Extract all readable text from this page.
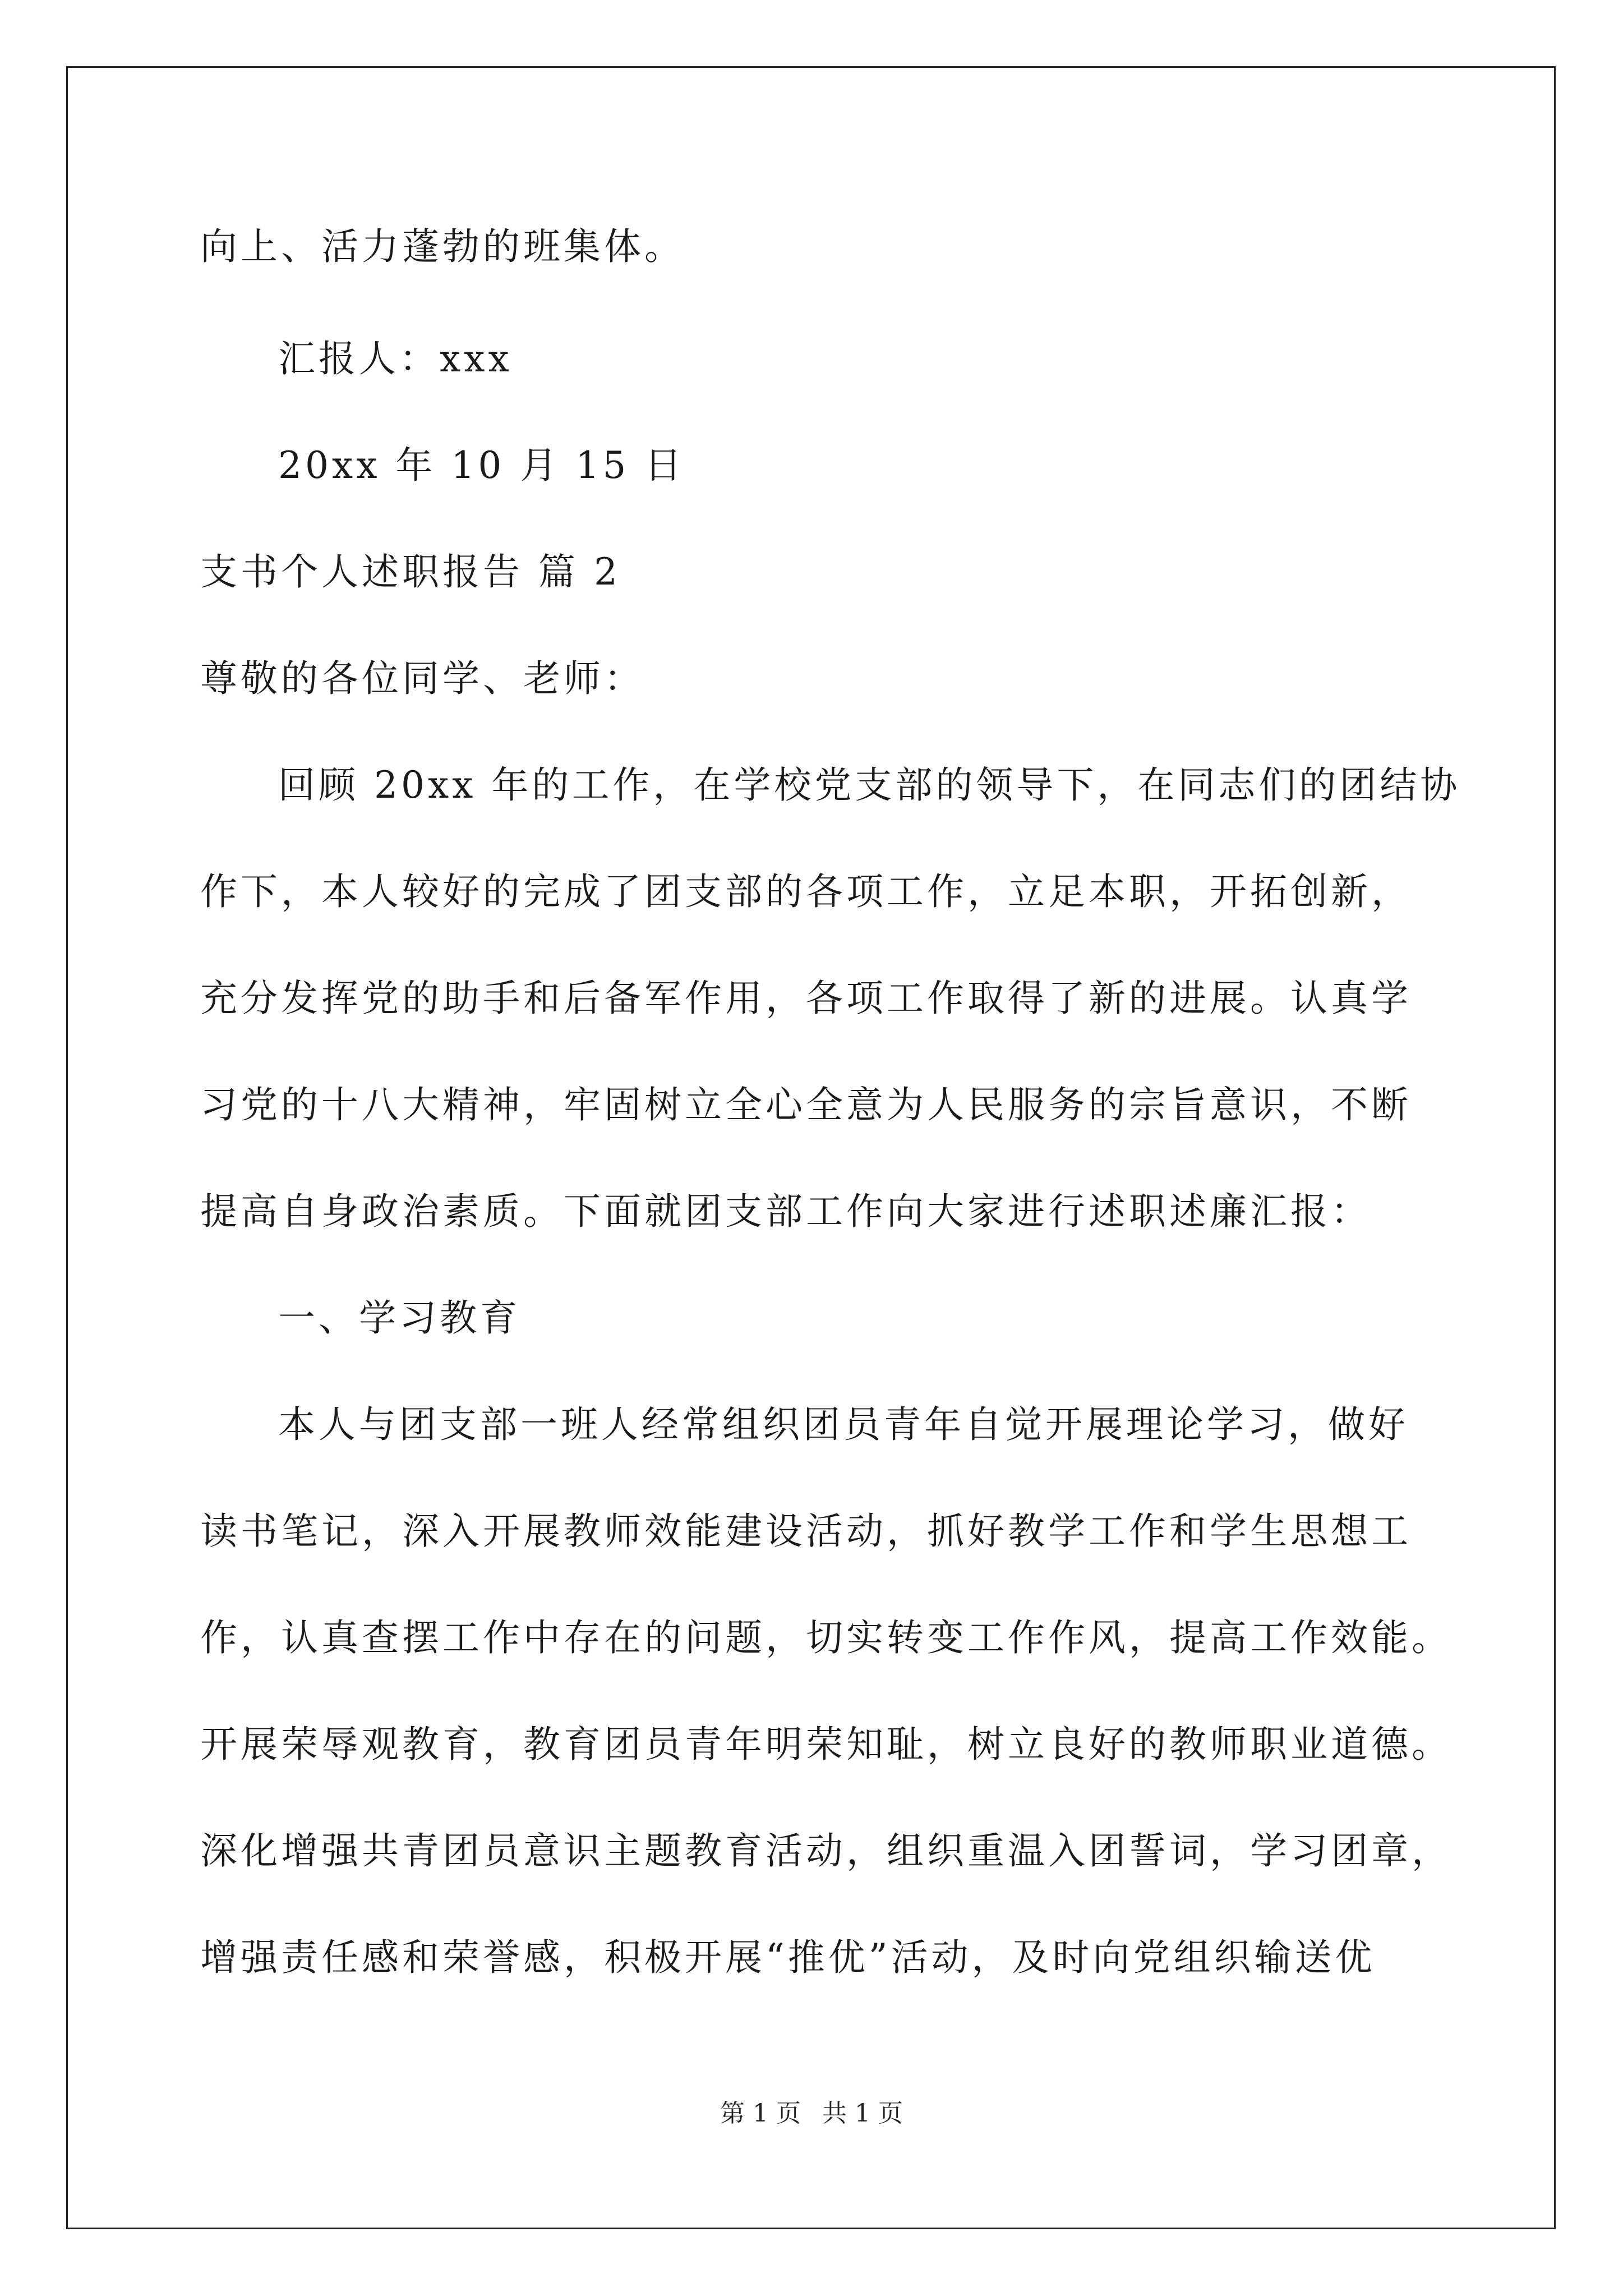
向上、活力蓬勃的班集体。
汇报人：xxx
20xx 年 10 月 15 日
支书个人述职报告 篇 2
尊敬的各位同学、老师：
回顾 20xx 年的工作，在学校党支部的领导下，在同志们的团结协
作下，本人较好的完成了团支部的各项工作，立足本职，开拓创新，
充分发挥党的助手和后备军作用，各项工作取得了新的进展。认真学
习党的十八大精神，牢固树立全心全意为人民服务的宗旨意识，不断
提高自身政治素质。下面就团支部工作向大家进行述职述廉汇报：
一、学习教育
本人与团支部一班人经常组织团员青年自觉开展理论学习，做好
读书笔记，深入开展教师效能建设活动，抓好教学工作和学生思想工
作，认真查摆工作中存在的问题，切实转变工作作风，提高工作效能。
开展荣辱观教育，教育团员青年明荣知耻，树立良好的教师职业道德。
深化增强共青团员意识主题教育活动，组织重温入团誓词，学习团章，
增强责任感和荣誉感，积极开展“推优”活动，及时向党组织输送优
第 1 页 共 1 页
